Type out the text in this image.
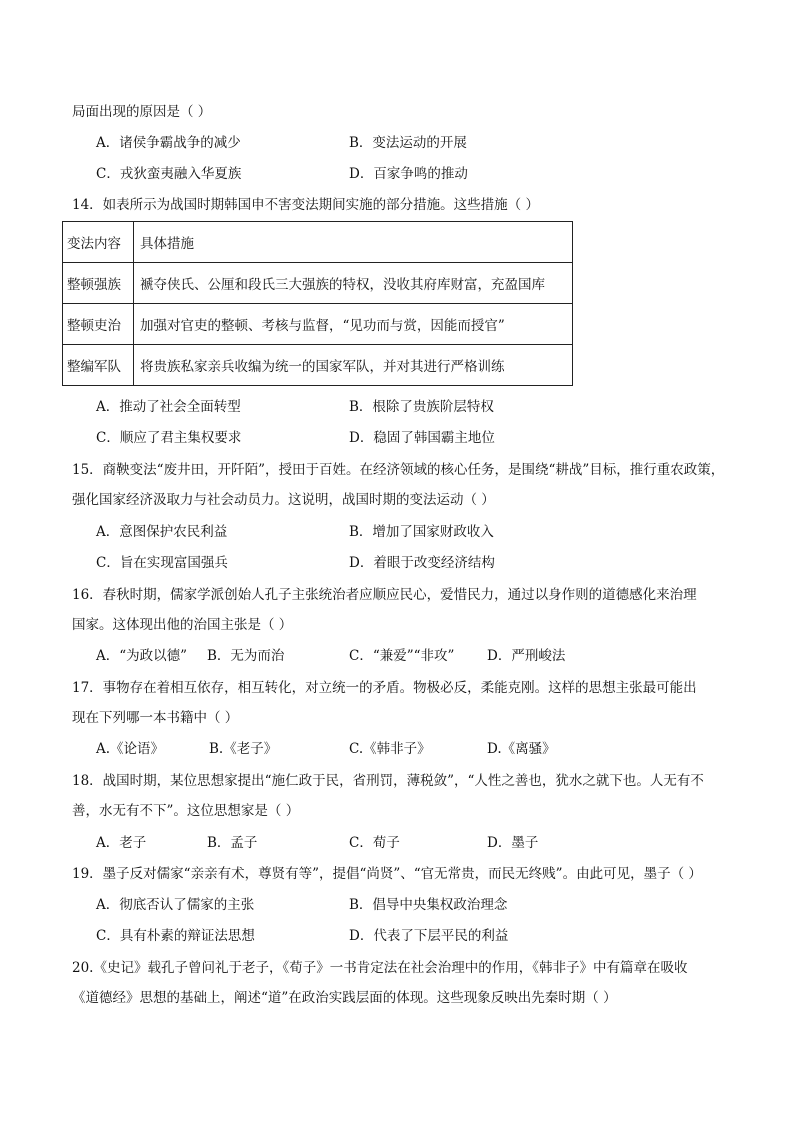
局面出现的原因是（ ）
A．诸侯争霸战争的减少	B．变法运动的开展
C．戎狄蛮夷融入华夏族	D．百家争鸣的推动
14．如表所示为战国时期韩国申不害变法期间实施的部分措施。这些措施（ ）
变法内容	具体措施
整顿强族	褫夺侠氏、公厘和段氏三大强族的特权，没收其府库财富，充盈国库
整顿吏治	加强对官吏的整顿、考核与监督，“见功而与赏，因能而授官”
整编军队	将贵族私家亲兵收编为统一的国家军队，并对其进行严格训练
A．推动了社会全面转型	B．根除了贵族阶层特权
C．顺应了君主集权要求	D．稳固了韩国霸主地位
15．商鞅变法“废井田，开阡陌”，授田于百姓。在经济领域的核心任务，是围绕“耕战”目标，推行重农政策，
强化国家经济汲取力与社会动员力。这说明，战国时期的变法运动（ ）
A．意图保护农民利益	B．增加了国家财政收入
C．旨在实现富国强兵	D．着眼于改变经济结构
16．春秋时期，儒家学派创始人孔子主张统治者应顺应民心，爱惜民力，通过以身作则的道德感化来治理
国家。这体现出他的治国主张是（ ）
A．“为政以德” B．无为而治	C．“兼爱”“非攻” D．严刑峻法
17．事物存在着相互依存，相互转化，对立统一的矛盾。物极必反，柔能克刚。这样的思想主张最可能出
现在下列哪一本书籍中（ ）
A.《论语》	B.《老子》	C.《韩非子》	D.《离骚》
18．战国时期，某位思想家提出“施仁政于民，省刑罚，薄税敛”，“人性之善也，犹水之就下也。人无有不
善，水无有不下”。这位思想家是（ ）
A．老子	B．孟子	C．荀子	D．墨子
19．墨子反对儒家“亲亲有术，尊贤有等”，提倡“尚贤”、“官无常贵，而民无终贱”。由此可见，墨子（ ）
A．彻底否认了儒家的主张	B．倡导中央集权政治理念
C．具有朴素的辩证法思想	D．代表了下层平民的利益
20.《史记》载孔子曾问礼于老子，《荀子》一书肯定法在社会治理中的作用，《韩非子》中有篇章在吸收
《道德经》思想的基础上，阐述“道”在政治实践层面的体现。这些现象反映出先秦时期（ ）
